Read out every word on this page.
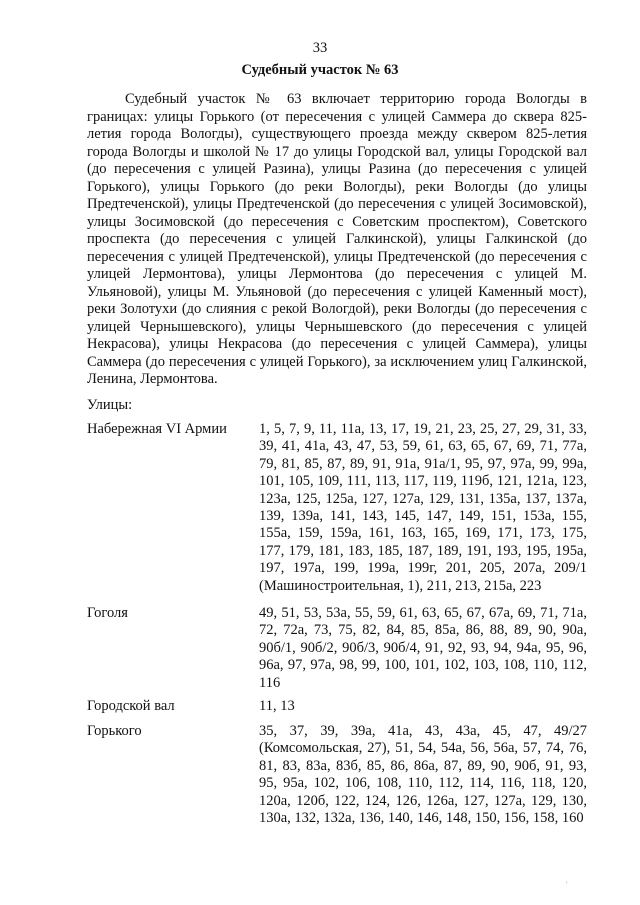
33
Судебный участок № 63

Судебный участок № 63 включает территорию города Вологды в границах: улицы Горького (от пересечения с улицей Саммера до сквера 825-летия города Вологды), существующего проезда между сквером 825-летия города Вологды и школой № 17 до улицы Городской вал, улицы Городской вал (до пересечения с улицей Разина), улицы Разина (до пересечения с улицей Горького), улицы Горького (до реки Вологды), реки Вологды (до улицы Предтеченской), улицы Предтеченской (до пересечения с улицей Зосимовской), улицы Зосимовской (до пересечения с Советским проспектом), Советского проспекта (до пересечения с улицей Галкинской), улицы Галкинской (до пересечения с улицей Предтеченской), улицы Предтеченской (до пересечения с улицей Лермонтова), улицы Лермонтова (до пересечения с улицей М. Ульяновой), улицы М. Ульяновой (до пересечения с улицей Каменный мост), реки Золотухи (до слияния с рекой Вологдой), реки Вологды (до пересечения с улицей Чернышевского), улицы Чернышевского (до пересечения с улицей Некрасова), улицы Некрасова (до пересечения с улицей Саммера), улицы Саммера (до пересечения с улицей Горького), за исключением улиц Галкинской, Ленина, Лермонтова.

Улицы:
Набережная VI Армии	1, 5, 7, 9, 11, 11а, 13, 17, 19, 21, 23, 25, 27, 29, 31, 33, 39, 41, 41а, 43, 47, 53, 59, 61, 63, 65, 67, 69, 71, 77а, 79, 81, 85, 87, 89, 91, 91а, 91а/1, 95, 97, 97а, 99, 99а, 101, 105, 109, 111, 113, 117, 119, 119б, 121, 121а, 123, 123а, 125, 125а, 127, 127а, 129, 131, 135а, 137, 137а, 139, 139а, 141, 143, 145, 147, 149, 151, 153а, 155, 155а, 159, 159а, 161, 163, 165, 169, 171, 173, 175, 177, 179, 181, 183, 185, 187, 189, 191, 193, 195, 195а, 197, 197а, 199, 199а, 199г, 201, 205, 207а, 209/1 (Машиностроительная, 1), 211, 213, 215а, 223
Гоголя	49, 51, 53, 53а, 55, 59, 61, 63, 65, 67, 67а, 69, 71, 71а, 72, 72а, 73, 75, 82, 84, 85, 85а, 86, 88, 89, 90, 90а, 90б/1, 90б/2, 90б/3, 90б/4, 91, 92, 93, 94, 94а, 95, 96, 96а, 97, 97а, 98, 99, 100, 101, 102, 103, 108, 110, 112, 116
Городской вал	11, 13
Горького	35, 37, 39, 39а, 41а, 43, 43а, 45, 47, 49/27 (Комсомольская, 27), 51, 54, 54а, 56, 56а, 57, 74, 76, 81, 83, 83а, 83б, 85, 86, 86а, 87, 89, 90, 90б, 91, 93, 95, 95а, 102, 106, 108, 110, 112, 114, 116, 118, 120, 120а, 120б, 122, 124, 126, 126а, 127, 127а, 129, 130, 130а, 132, 132а, 136, 140, 146, 148, 150, 156, 158, 160
′
